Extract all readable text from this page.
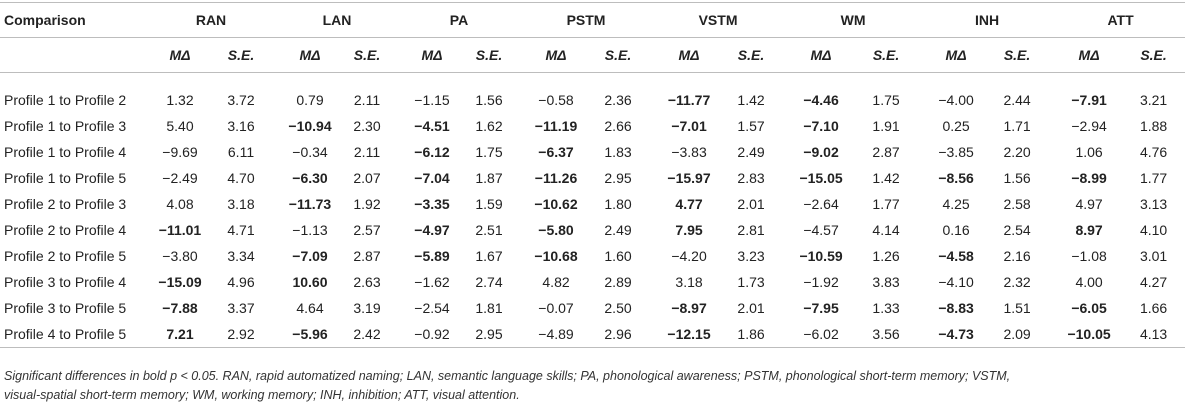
Comparison	RAN			LAN			PA			PSTM			VSTM			WM			INH			ATT	
	MΔ	S.E.		MΔ	S.E.		MΔ	S.E.		MΔ	S.E.		MΔ	S.E.		MΔ	S.E.		MΔ	S.E.		MΔ	S.E.

Profile 1 to Profile 2	1.32	3.72		0.79	2.11		−1.15	1.56		−0.58	2.36		−11.77	1.42		−4.46	1.75		−4.00	2.44		−7.91	3.21
Profile 1 to Profile 3	5.40	3.16		−10.94	2.30		−4.51	1.62		−11.19	2.66		−7.01	1.57		−7.10	1.91		0.25	1.71		−2.94	1.88
Profile 1 to Profile 4	−9.69	6.11		−0.34	2.11		−6.12	1.75		−6.37	1.83		−3.83	2.49		−9.02	2.87		−3.85	2.20		1.06	4.76
Profile 1 to Profile 5	−2.49	4.70		−6.30	2.07		−7.04	1.87		−11.26	2.95		−15.97	2.83		−15.05	1.42		−8.56	1.56		−8.99	1.77
Profile 2 to Profile 3	4.08	3.18		−11.73	1.92		−3.35	1.59		−10.62	1.80		4.77	2.01		−2.64	1.77		4.25	2.58		4.97	3.13
Profile 2 to Profile 4	−11.01	4.71		−1.13	2.57		−4.97	2.51		−5.80	2.49		7.95	2.81		−4.57	4.14		0.16	2.54		8.97	4.10
Profile 2 to Profile 5	−3.80	3.34		−7.09	2.87		−5.89	1.67		−10.68	1.60		−4.20	3.23		−10.59	1.26		−4.58	2.16		−1.08	3.01
Profile 3 to Profile 4	−15.09	4.96		10.60	2.63		−1.62	2.74		4.82	2.89		3.18	1.73		−1.92	3.83		−4.10	2.32		4.00	4.27
Profile 3 to Profile 5	−7.88	3.37		4.64	3.19		−2.54	1.81		−0.07	2.50		−8.97	2.01		−7.95	1.33		−8.83	1.51		−6.05	1.66
Profile 4 to Profile 5	7.21	2.92		−5.96	2.42		−0.92	2.95		−4.89	2.96		−12.15	1.86		−6.02	3.56		−4.73	2.09		−10.05	4.13
Significant differences in bold p < 0.05. RAN, rapid automatized naming; LAN, semantic language skills; PA, phonological awareness; PSTM, phonological short-term memory; VSTM,
visual-spatial short-term memory; WM, working memory; INH, inhibition; ATT, visual attention.
